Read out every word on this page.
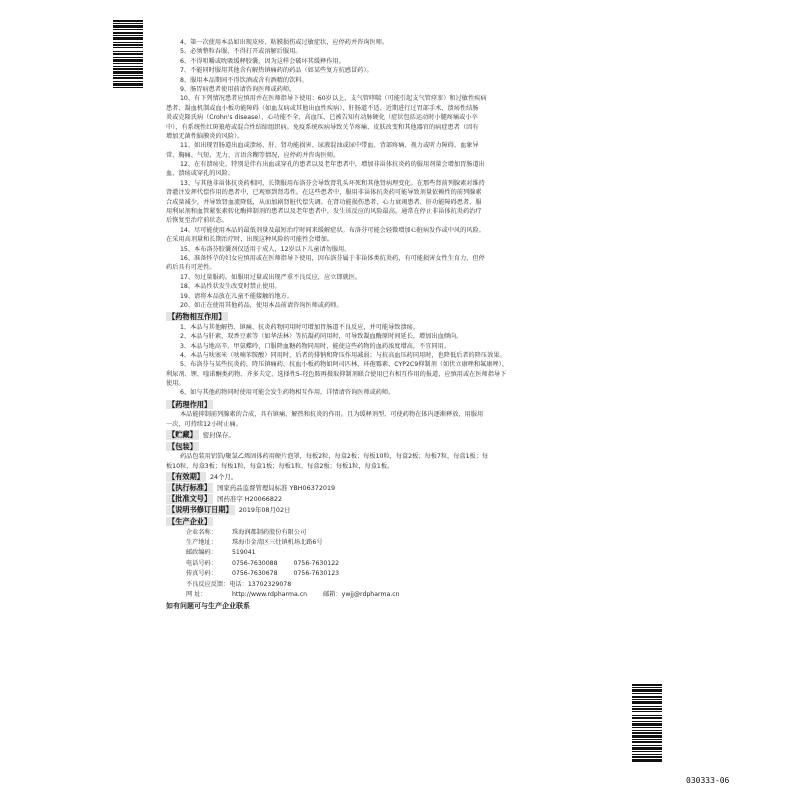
4、第一次使用本品如出现皮疹、粘膜损伤或过敏症状，应停药并咨询医师。
5、必须整粒吞服，不得打开或溶解后服用。
6、不得咀嚼或吮吸缓释胶囊，因为这样会破坏其缓释作用。
7、不能同时服用其他含有解热镇痛药的药品（如某些复方抗感冒药）。
8、服用本品期间不得饮酒或含有酒精的饮料。
9、肠胃病患者使用前请咨询医师或药师。
10、有下列情况患者应慎用并在医师指导下使用：60岁以上、支气管哮喘（可能引起支气管痉挛）和过敏性疾病
患者、凝血机制或血小板功能障碍（如血友病或其他出血性疾病）、肝肠道不适、近期进行过胃部手术、溃疡性结肠
炎或克隆氏病（Crohn's disease）、心功能不全、高血压、已被告知有动脉硬化（症状包括运动时小腿疼痛或小卒
中）、有系统性红斑狼疮或混合性结缔组织病。免疫系统疾病导致关节疼痛、皮肤改变和其他器官的病症患者（因有
增加无菌性脑膜炎的风险）。
11、如出现胃肠道出血或溃疡、肝、肾功能损害、尿液混浊或尿中带血、背部疼痛、视力或听力障碍、血象异
常、胸痛、气短、无力、言语含糊等情况，应停药并咨询医师。
12、在有溃疡史、特别是伴有出血或穿孔的患者以及老年患者中，增加非甾体抗炎药的服用剂量会增加胃肠道出
血、溃疡或穿孔的风险。
13、与其他非甾体抗炎药相同，长期服用布洛芬会导致肾乳头坏死和其他肾病理变化。在那些肾前列腺素对维持
肾灌注发挥代偿作用的患者中，已观察到肾毒性。在这些患者中，服用非甾体抗炎药可能导致剂量依赖性的前列腺素
合成量减少，并导致肾血流降低，从而加剧肾脏代偿失调。在肾功能损伤患者、心力衰竭患者、肝功能障碍患者、服
用利尿剂和血管紧张素转化酶抑制剂的患者以及老年患者中，发生该反应的风险最高。通常在停止非甾体抗炎药治疗
后恢复至治疗前状态。
14、尽可能使用本品的最低剂量及最短治疗时间来缓解症状。布洛芬可能会轻微增加心脏病发作或中风的风险。
在采用高剂量和长期治疗时，出现这种风险的可能性会增加。
15、本布洛芬胶囊剂仅适用于成人，12岁以下儿童请勿服用。
16、准备怀孕的妇女应慎用或在医师指导下使用，因布洛芬属于非甾体类抗炎药，有可能损害女性生育力，但停
药后具有可逆性。
17、勿过量服药。如服用过量或出现严重不良反应，应立即就医。
18、本品性状发生改变时禁止使用。
19、请将本品放在儿童不能接触的地方。
20、如正在使用其他药品，使用本品前请咨询医师或药师。
【药物相互作用】
1、本品与其他解热、镇痛、抗炎药物同用时可增加胃肠道不良反应，并可能导致溃疡。
2、本品与肝素、双香豆素等（如华法林）等抗凝药同用时，可导致凝血酶原时间延长，增加出血倾向。
3、本品与地高辛、甲氨蝶呤、口服降血糖药物同用时，能使这些药物的血药浓度增高，不宜同用。
4、本品与呋塞米（呋喃苯胺酸）同用时，后者的排钠和降压作用减弱；与抗高血压药同用时，也降低后者的降压效果。
5、布洛芬与某些抗炎药、降压镇痛药、抗血小板药物如阿司匹林、环孢霉素、CYP2C9抑制剂（如伏立康唑和氟康唑）、
利尿剂、锂、喹诺酮类药物、齐多夫定、选择性5-羟色胺再摄取抑制剂联合使用已有相互作用的报道，应慎用或在医师指导下
使用。
6、如与其他药物同时使用可能会发生药物相互作用，详情请咨询医师或药师。
【药理作用】
本品能抑制前列腺素的合成，具有镇痛、解热和抗炎的作用。且为缓释剂型，可使药物在体内逐渐释放，用服用
一次，可持续12小时止痛。
【贮藏】 密封保存。
【包装】
药品包装用铝箔/聚氯乙烯固体药用硬片泡罩，每板2粒，每盒2板；每板10粒，每盒2板；每板7粒，每盒1板；每
板10粒，每盒3板；每板1粒，每盒1板；每板1粒，每盒2板；每板1粒，每盒1板。
【有效期】 24个月。
【执行标准】 国家药品监督管理局标准 YBH06372019
【批准文号】 国药准字 H20066822
【说明书修订日期】 2019年08月02日
【生产企业】
企业名称： 珠海润都制药股份有限公司
生产地址： 珠海市金湾区三灶镇机场北路6号
邮政编码： 519041
电话号码： 0756-7630088	0756-7630122
传真号码： 0756-7630678	0756-7630123
不良反应反馈：电话：13702329078
网 址：	http://www.rdpharma.cn	邮箱：ywjj@rdpharma.cn
如有问题可与生产企业联系
030333-06
